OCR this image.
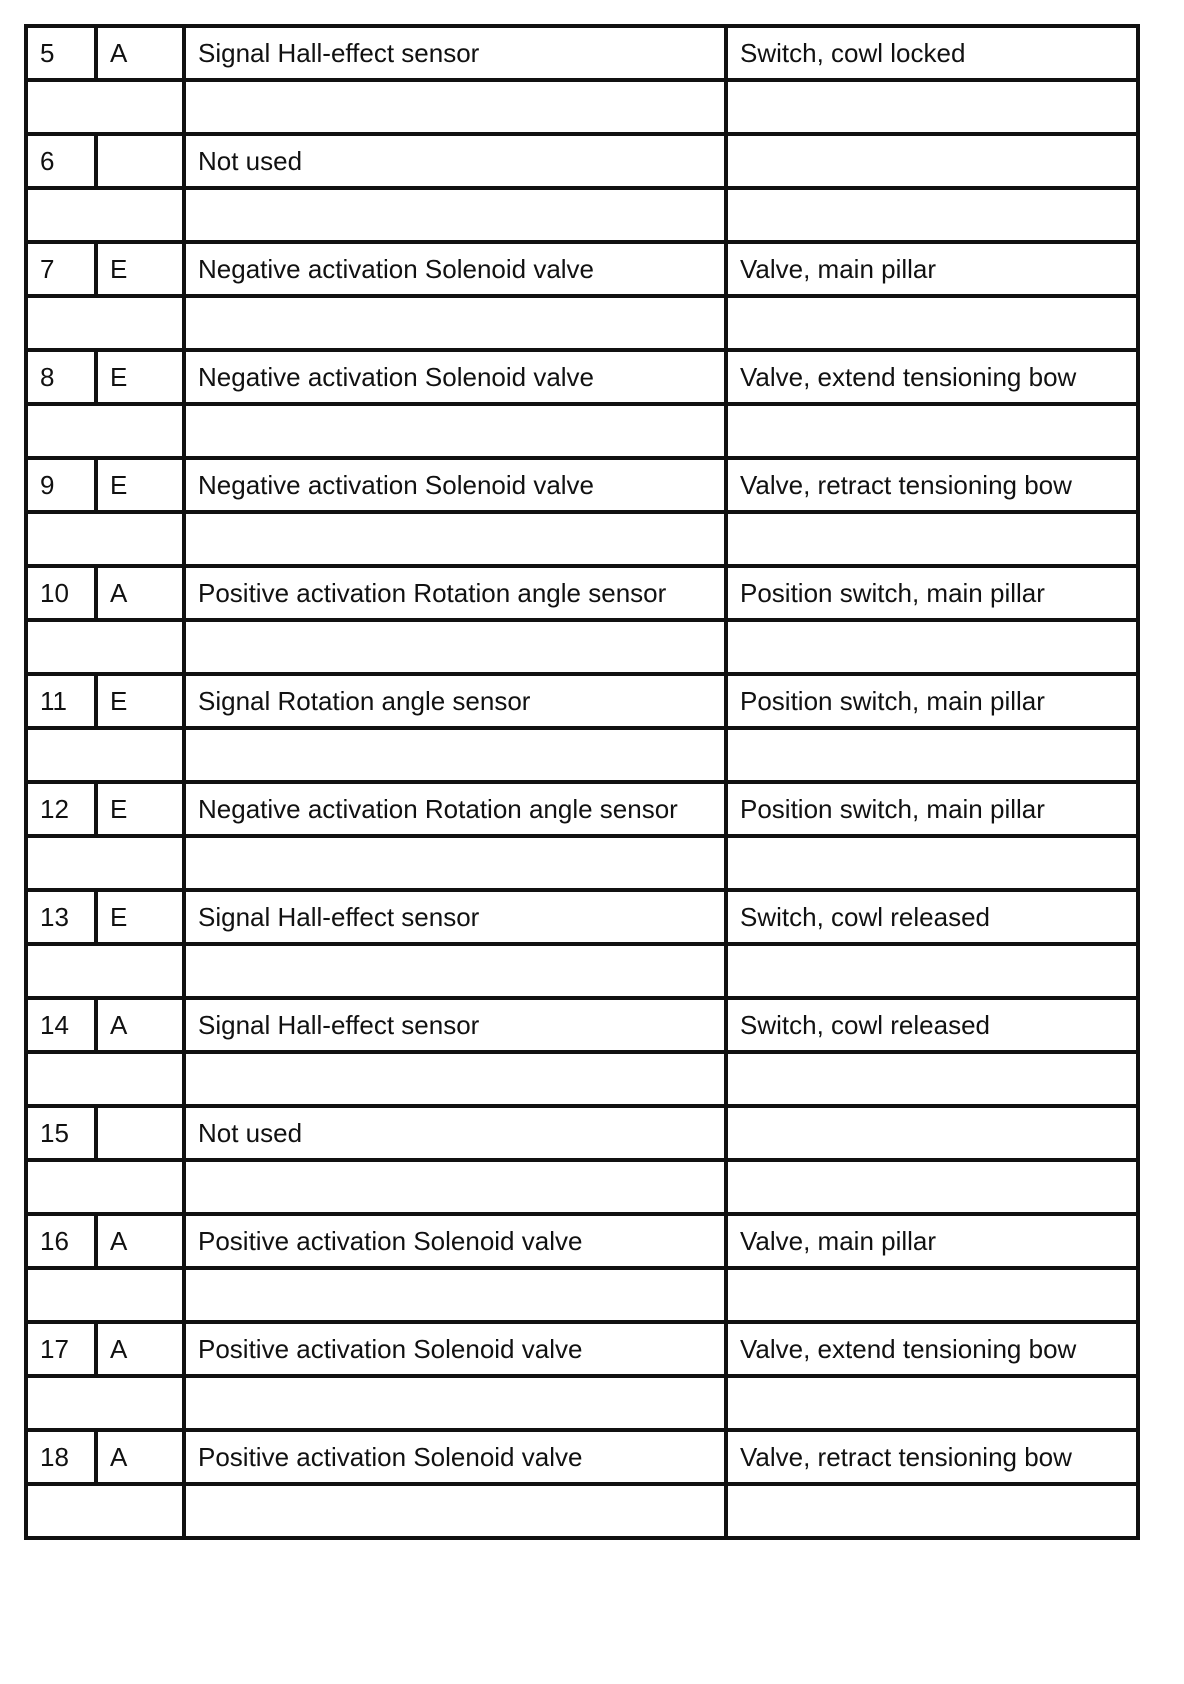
5	A	Signal Hall-effect sensor	Switch, cowl locked

6		Not used	

7	E	Negative activation Solenoid valve	Valve, main pillar

8	E	Negative activation Solenoid valve	Valve, extend tensioning bow

9	E	Negative activation Solenoid valve	Valve, retract tensioning bow

10	A	Positive activation Rotation angle sensor	Position switch, main pillar

11	E	Signal Rotation angle sensor	Position switch, main pillar

12	E	Negative activation Rotation angle sensor	Position switch, main pillar

13	E	Signal Hall-effect sensor	Switch, cowl released

14	A	Signal Hall-effect sensor	Switch, cowl released

15		Not used	

16	A	Positive activation Solenoid valve	Valve, main pillar

17	A	Positive activation Solenoid valve	Valve, extend tensioning bow

18	A	Positive activation Solenoid valve	Valve, retract tensioning bow
